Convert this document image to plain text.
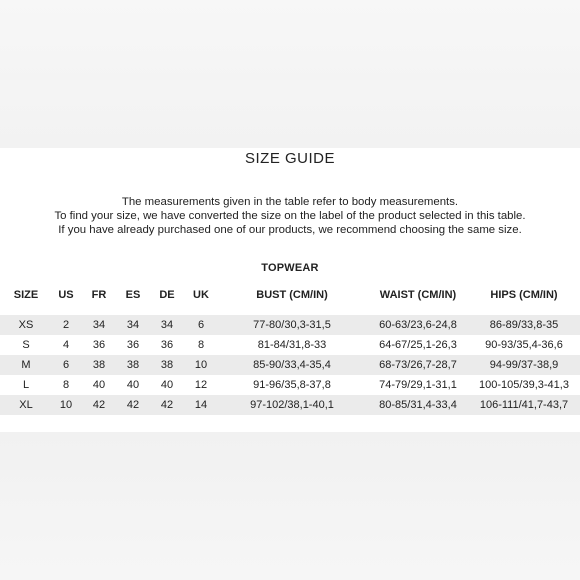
SIZE GUIDE
The measurements given in the table refer to body measurements.
To find your size, we have converted the size on the label of the product selected in this table.
If you have already purchased one of our products, we recommend choosing the same size.
TOPWEAR
SIZE	US	FR	ES	DE	UK	BUST (CM/IN)	WAIST (CM/IN)	HIPS (CM/IN)

XS	2	34	34	34	6	77-80/30,3-31,5	60-63/23,6-24,8	86-89/33,8-35
S	4	36	36	36	8	81-84/31,8-33	64-67/25,1-26,3	90-93/35,4-36,6
M	6	38	38	38	10	85-90/33,4-35,4	68-73/26,7-28,7	94-99/37-38,9
L	8	40	40	40	12	91-96/35,8-37,8	74-79/29,1-31,1	100-105/39,3-41,3
XL	10	42	42	42	14	97-102/38,1-40,1	80-85/31,4-33,4	106-111/41,7-43,7
